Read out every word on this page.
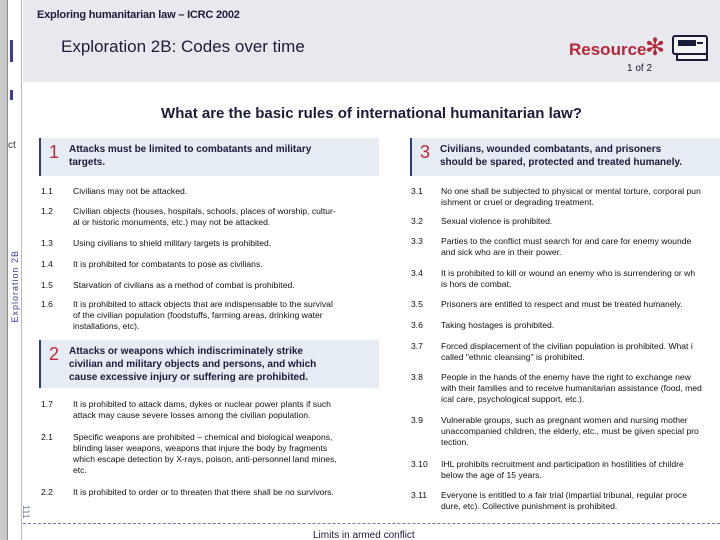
ct
Exploration 2B
Exploring humanitarian law – ICRC 2002
Exploration 2B: Codes over time	Resource
✻
1 of 2
What are the basic rules of international humanitarian law?
1 Attacks must be limited to combatants and military
targets.
3 Civilians, wounded combatants, and prisoners
should be spared, protected and treated humanely.
1.1 Civilians may not be attacked.
1.2 Civilian objects (houses, hospitals, schools, places of worship, cultur-
al or historic monuments, etc.) may not be attacked.
1.3 Using civilians to shield military targets is prohibited.
1.4 It is prohibited for combatants to pose as civilians.
1.5 Starvation of civilians as a method of combat is prohibited.
1.6 It is prohibited to attack objects that are indispensable to the survival
of the civilian population (foodstuffs, farming areas, drinking water
installations, etc).
2 Attacks or weapons which indiscriminately strike
civilian and military objects and persons, and which
cause excessive injury or suffering are prohibited.
1.7 It is prohibited to attack dams, dykes or nuclear power plants if such
attack may cause severe losses among the civilian population.
2.1 Specific weapons are prohibited – chemical and biological weapons,
blinding laser weapons, weapons that injure the body by fragments
which escape detection by X-rays, poison, anti-personnel land mines,
etc.
2.2 It is prohibited to order or to threaten that there shall be no survivors.
3.1 No one shall be subjected to physical or mental torture, corporal pun
ishment or cruel or degrading treatment.
3.2 Sexual violence is prohibited.
3.3 Parties to the conflict must search for and care for enemy wounde
and sick who are in their power.
3.4 It is prohibited to kill or wound an enemy who is surrendering or wh
is hors de combat.
3.5 Prisoners are entitled to respect and must be treated humanely.
3.6 Taking hostages is prohibited.
3.7 Forced displacement of the civilian population is prohibited. What i
called "ethnic cleansing" is prohibited.
3.8 People in the hands of the enemy have the right to exchange new
with their families and to receive humanitarian assistance (food, med
ical care, psychological support, etc.).
3.9 Vulnerable groups, such as pregnant women and nursing mother
unaccompanied children, the elderly, etc., must be given special pro
tection.
3.10 IHL prohibits recruitment and participation in hostilities of childre
below the age of 15 years.
3.11 Everyone is entitled to a fair trial (impartial tribunal, regular proce
dure, etc). Collective punishment is prohibited.
111
Limits in armed conflict
